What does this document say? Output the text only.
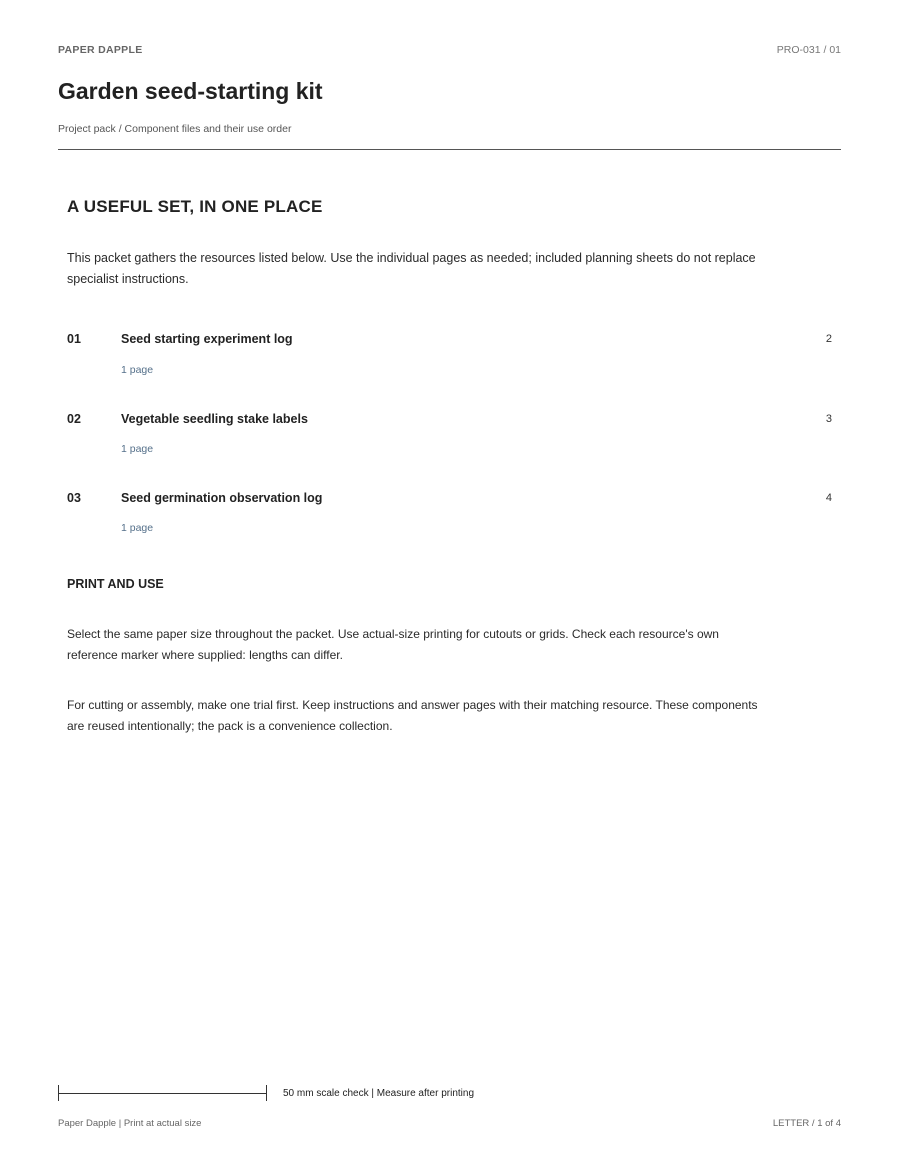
PAPER DAPPLE	PRO-031 / 01
Garden seed-starting kit
Project pack / Component files and their use order
A USEFUL SET, IN ONE PLACE

This packet gathers the resources listed below. Use the individual pages as needed; included planning sheets do not replace specialist instructions.

01	Seed starting experiment log	2
1 page
02	Vegetable seedling stake labels	3
1 page
03	Seed germination observation log	4
1 page
PRINT AND USE

Select the same paper size throughout the packet. Use actual-size printing for cutouts or grids. Check each resource's own reference marker where supplied: lengths can differ.

For cutting or assembly, make one trial first. Keep instructions and answer pages with their matching resource. These components are reused intentionally; the pack is a convenience collection.

50 mm scale check | Measure after printing
Paper Dapple | Print at actual size	LETTER / 1 of 4
